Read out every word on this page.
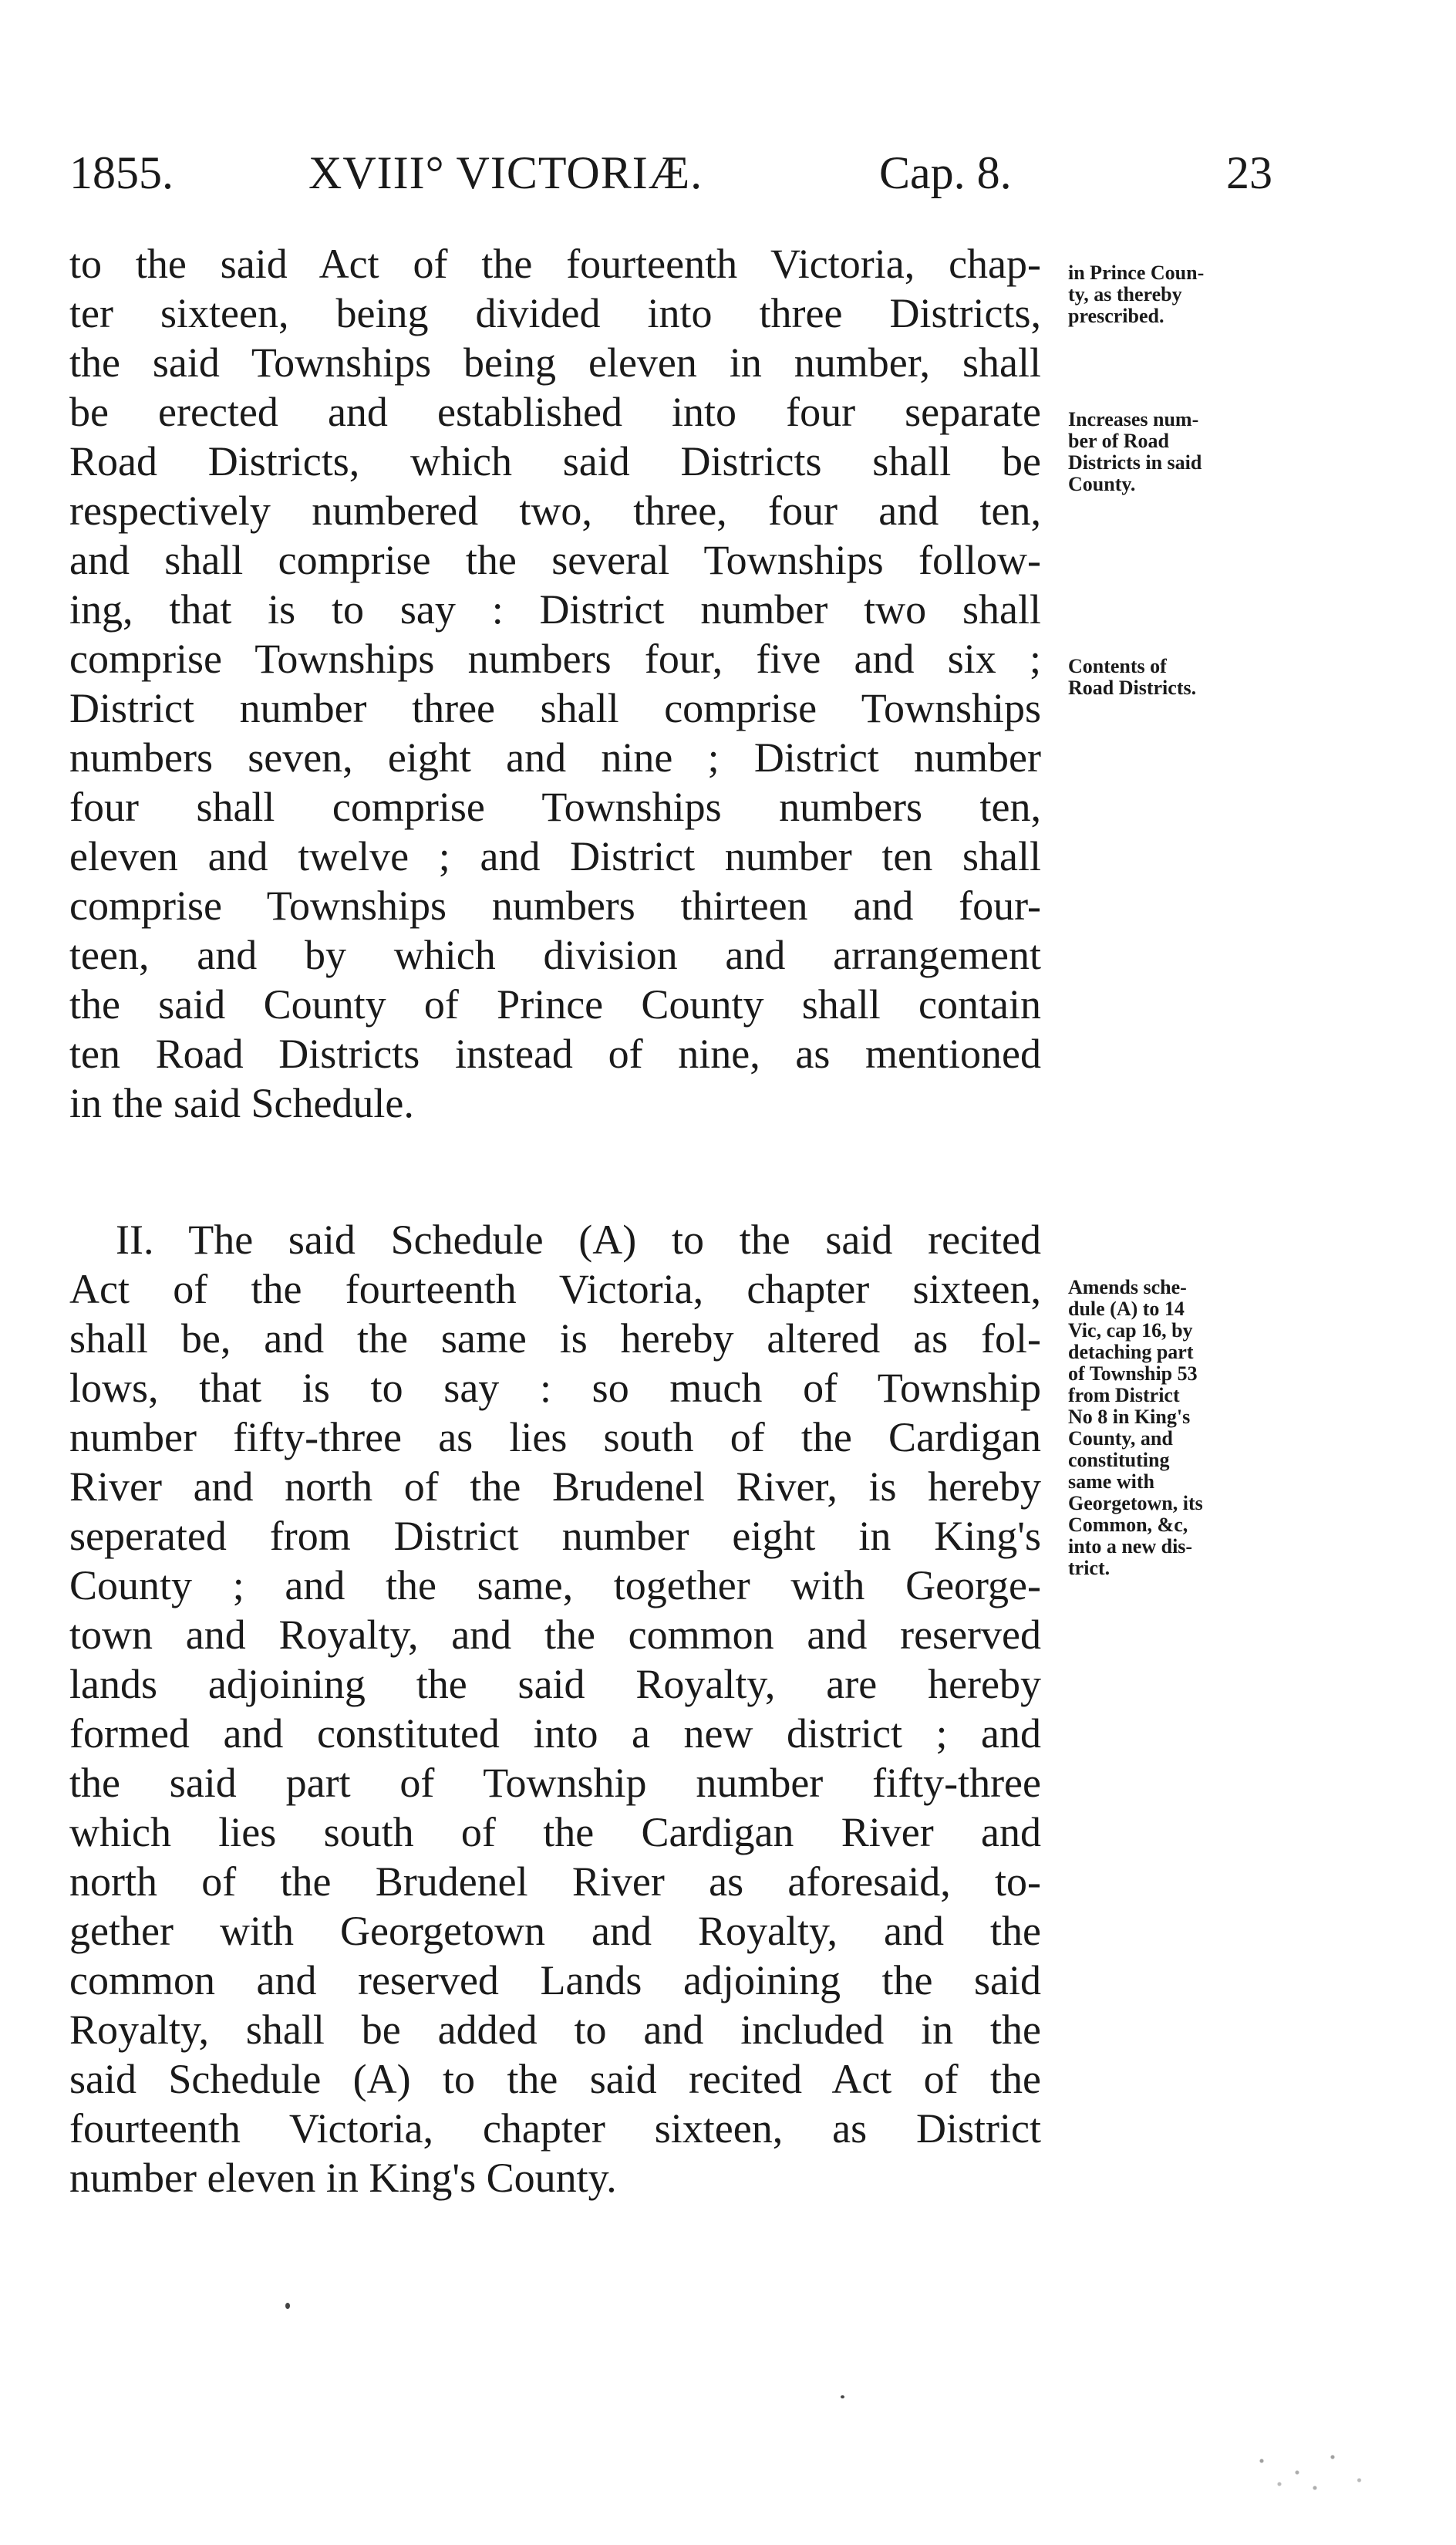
1855.	XVIII° VICTORIÆ.	Cap. 8.	23
to the said Act of the fourteenth Victoria, chap-
ter sixteen, being divided into three Districts,
the said Townships being eleven in number, shall
be erected and established into four separate
Road Districts, which said Districts shall be
respectively numbered two, three, four and ten,
and shall comprise the several Townships follow-
ing, that is to say : District number two shall
comprise Townships numbers four, five and six ;
District number three shall comprise Townships
numbers seven, eight and nine ; District number
four shall comprise Townships numbers ten,
eleven and twelve ; and District number ten shall
comprise Townships numbers thirteen and four-
teen, and by which division and arrangement
the said County of Prince County shall contain
ten Road Districts instead of nine, as mentioned
in the said Schedule.
II. The said Schedule (A) to the said recited
Act of the fourteenth Victoria, chapter sixteen,
shall be, and the same is hereby altered as fol-
lows, that is to say : so much of Township
number fifty-three as lies south of the Cardigan
River and north of the Brudenel River, is hereby
seperated from District number eight in King's
County ; and the same, together with George-
town and Royalty, and the common and reserved
lands adjoining the said Royalty, are hereby
formed and constituted into a new district ; and
the said part of Township number fifty-three
which lies south of the Cardigan River and
north of the Brudenel River as aforesaid, to-
gether with Georgetown and Royalty, and the
common and reserved Lands adjoining the said
Royalty, shall be added to and included in the
said Schedule (A) to the said recited Act of the
fourteenth Victoria, chapter sixteen, as District
number eleven in King's County.
in Prince Coun-
ty, as thereby
prescribed.
Increases num-
ber of Road
Districts in said
County.
Contents of
Road Districts.
Amends sche-
dule (A) to 14
Vic, cap 16, by
detaching part
of Township 53
from District
No 8 in King's
County, and
constituting
same with
Georgetown, its
Common, &c,
into a new dis-
trict.
